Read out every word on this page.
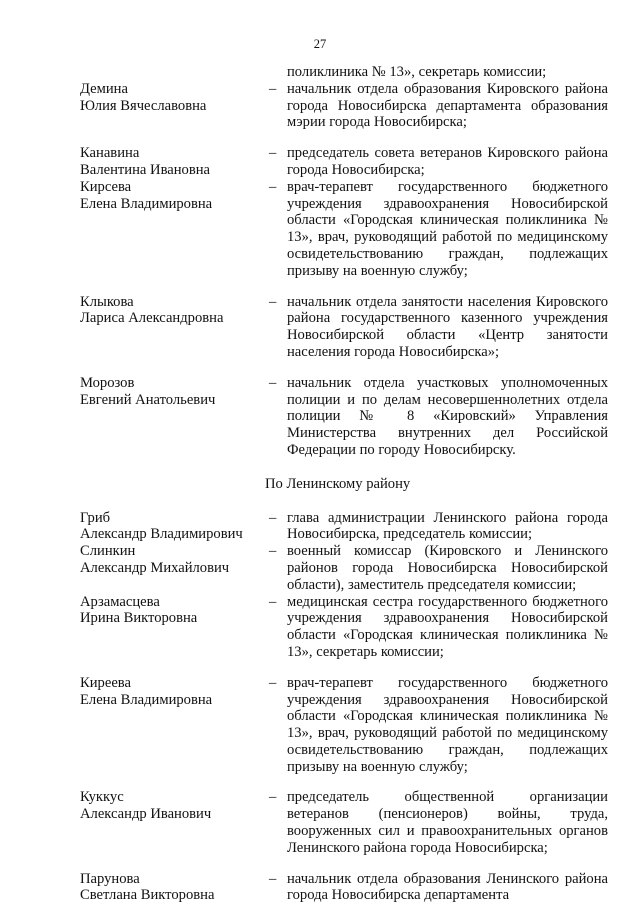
27
поликлиника № 13», секретарь комиссии;
Демина
Юлия Вячеславовна
– начальник отдела образования Кировского района города Новосибирска департамента образования мэрии города Новосибирска;
Канавина
Валентина Ивановна
– председатель совета ветеранов Кировского района города Новосибирска;
Кирсева
Елена Владимировна
– врач-терапевт государственного бюджетного учреждения здравоохранения Новосибирской области «Городская клиническая поликлиника № 13», врач, руководящий работой по медицинскому освидетельствованию граждан, подлежащих призыву на военную службу;
Клыкова
Лариса Александровна
– начальник отдела занятости населения Кировского района государственного казенного учреждения Новосибирской области «Центр занятости населения города Новосибирска»;
Морозов
Евгений Анатольевич
– начальник отдела участковых уполномоченных полиции и по делам несовершеннолетних отдела полиции № 8 «Кировский» Управления Министерства внутренних дел Российской Федерации по городу Новосибирску.
По Ленинскому району
Гриб
Александр Владимирович
– глава администрации Ленинского района города Новосибирска, председатель комиссии;
Слинкин
Александр Михайлович
– военный комиссар (Кировского и Ленинского районов города Новосибирска Новосибирской области), заместитель председателя комиссии;
Арзамасцева
Ирина Викторовна
– медицинская сестра государственного бюджетного учреждения здравоохранения Новосибирской области «Городская клиническая поликлиника № 13», секретарь комиссии;
Киреева
Елена Владимировна
– врач-терапевт государственного бюджетного учреждения здравоохранения Новосибирской области «Городская клиническая поликлиника № 13», врач, руководящий работой по медицинскому освидетельствованию граждан, подлежащих призыву на военную службу;
Куккус
Александр Иванович
– председатель общественной организации ветеранов (пенсионеров) войны, труда, вооруженных сил и правоохранительных органов Ленинского района города Новосибирска;
Парунова
Светлана Викторовна
– начальник отдела образования Ленинского района города Новосибирска департамента
